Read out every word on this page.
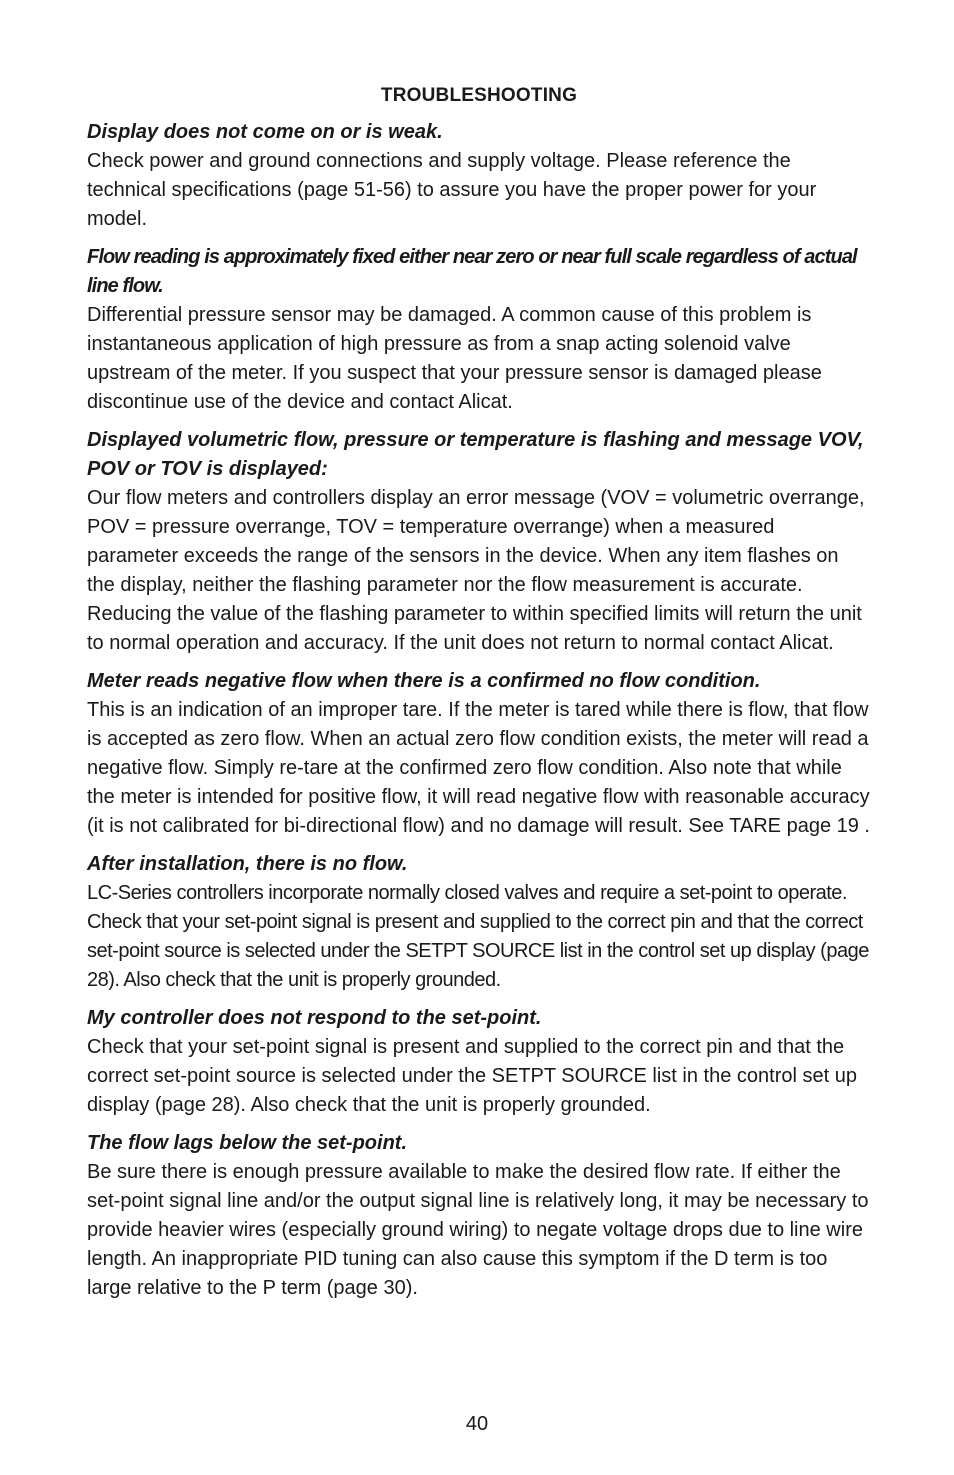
TROUBLESHOOTING
Display does not come on or is weak.

Check power and ground connections and supply voltage. Please reference the technical specifications (page 51-56) to assure you have the proper power for your model.

Flow reading is approximately fixed either near zero or near full scale regardless of actual line flow.

Differential pressure sensor may be damaged. A common cause of this problem is instantaneous application of high pressure as from a snap acting solenoid valve upstream of the meter. If you suspect that your pressure sensor is damaged please discontinue use of the device and contact Alicat.

Displayed volumetric flow, pressure or temperature is flashing and message VOV, POV or TOV is displayed:

Our flow meters and controllers display an error message (VOV = volumetric overrange, POV = pressure overrange, TOV = temperature overrange) when a measured parameter exceeds the range of the sensors in the device. When any item flashes on the display, neither the flashing parameter nor the flow measurement is accurate. Reducing the value of the flashing parameter to within specified limits will return the unit to normal operation and accuracy. If the unit does not return to normal contact Alicat.

Meter reads negative flow when there is a confirmed no flow condition.

This is an indication of an improper tare. If the meter is tared while there is flow, that flow is accepted as zero flow. When an actual zero flow condition exists, the meter will read a negative flow. Simply re-tare at the confirmed zero flow condition. Also note that while the meter is intended for positive flow, it will read negative flow with reasonable accuracy (it is not calibrated for bi-directional flow) and no damage will result. See TARE page 19 .

After installation, there is no flow.

LC-Series controllers incorporate normally closed valves and require a set-point to operate. Check that your set-point signal is present and supplied to the correct pin and that the correct set-point source is selected under the SETPT SOURCE list in the control set up display (page 28). Also check that the unit is properly grounded.

My controller does not respond to the set-point.

Check that your set-point signal is present and supplied to the correct pin and that the correct set-point source is selected under the SETPT SOURCE list in the control set up display (page 28). Also check that the unit is properly grounded.

The flow lags below the set-point.

Be sure there is enough pressure available to make the desired flow rate. If either the set-point signal line and/or the output signal line is relatively long, it may be necessary to provide heavier wires (especially ground wiring) to negate voltage drops due to line wire length. An inappropriate PID tuning can also cause this symptom if the D term is too large relative to the P term (page 30).

40
